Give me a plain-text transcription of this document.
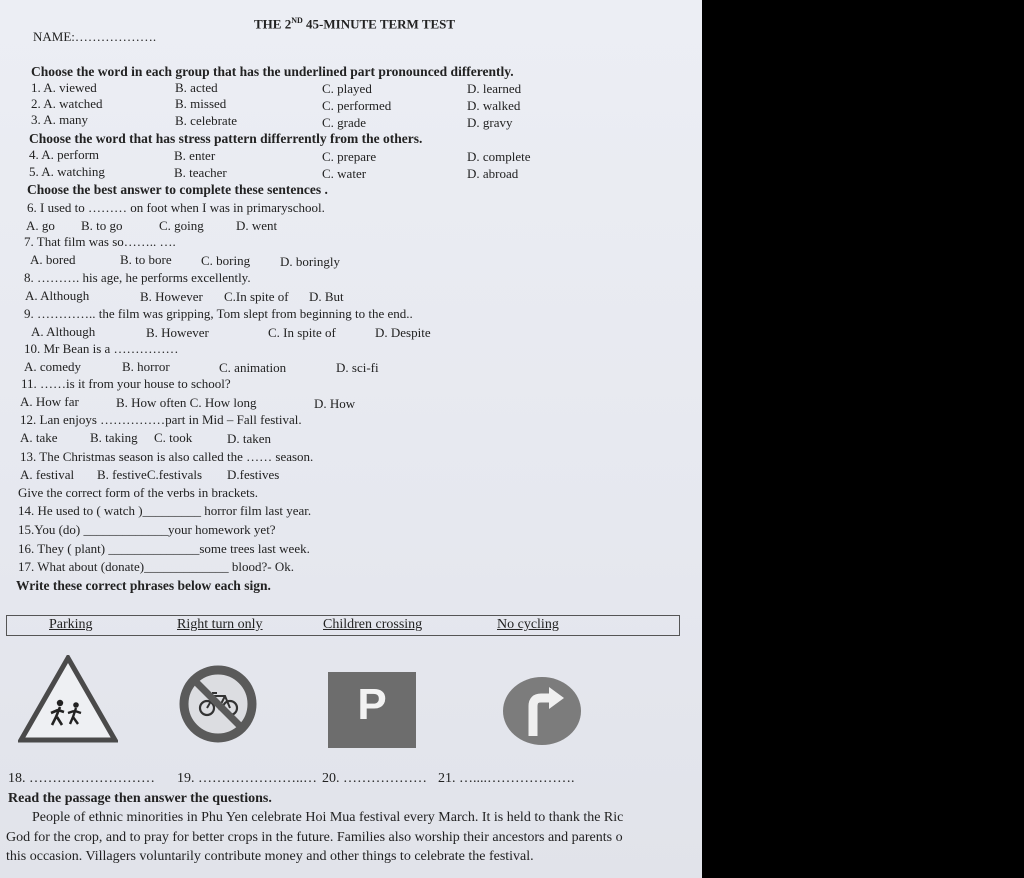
THE 2ND 45-MINUTE TERM TEST
NAME:……………….
Choose the word in each group that has the underlined part pronounced differently.
1. A. viewed	B. acted	C. played	D. learned
2. A. watched	B. missed	C. performed	D. walked
3. A. many	B. celebrate	C. grade	D. gravy
Choose the word that has stress pattern differrently from the others.
4. A. perform	B. enter	C. prepare	D. complete
5. A. watching	B. teacher	C. water	D. abroad
Choose the best answer to complete these sentences .
6. I used to ……… on foot when I was in primaryschool.
A. go B. to go	C. going D. went
7. That film was so…….. ….
A. bored	B. to bore C. boring D. boringly
8. ………. his age, he performs excellently.
A. Although	B. However C.In spite of D. But
9. ………….. the film was gripping, Tom slept from beginning to the end..
A. Although	B. However	C. In spite of	D. Despite
10. Mr Bean is a ……………
A. comedy	B. horror	C. animation	D. sci-fi
11. ……is it from your house to school?
A. How far	B. How often C. How long	D. How
12. Lan enjoys ……………part in Mid – Fall festival.
A. take B. taking C. took	D. taken
13. The Christmas season is also called the …… season.
A. festival B. festiveC.festivals D.festives
Give the correct form of the verbs in brackets.
14. He used to ( watch )_________ horror film last year.
15.You (do) _____________your homework yet?
16. They ( plant) ______________some trees last week.
17. What about (donate)_____________ blood?- Ok.
Write these correct phrases below each sign.
Parking	Right turn only	Children crossing	No cycling
P
18. ……………………… 19. …………………..… 20. ……………… 21. …....……………….
Read the passage then answer the questions.

People of ethnic minorities in Phu Yen celebrate Hoi Mua festival every March. It is held to thank the Ric

God for the crop, and to pray for better crops in the future. Families also worship their ancestors and parents o

this occasion. Villagers voluntarily contribute money and other things to celebrate the festival.
